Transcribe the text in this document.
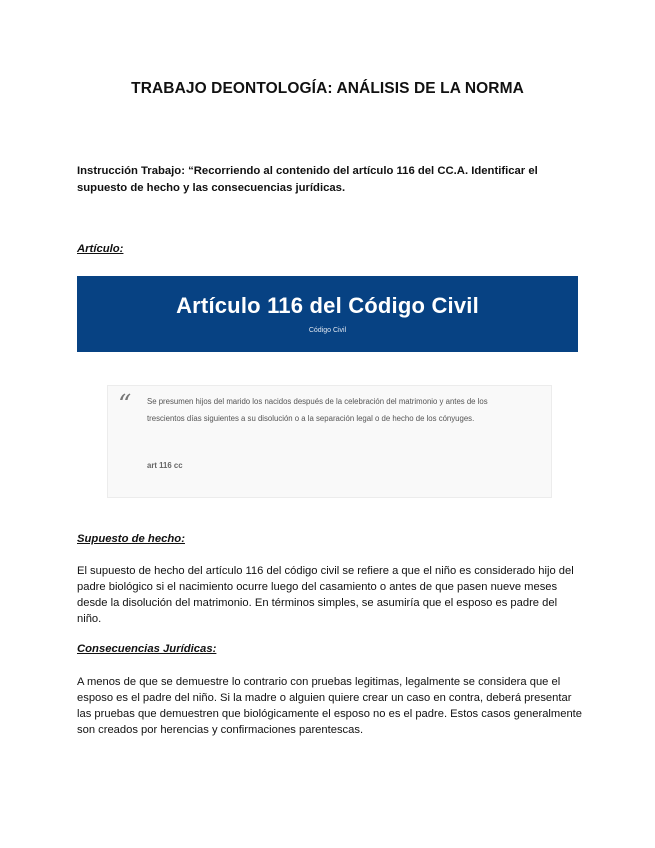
TRABAJO DEONTOLOGÍA: ANÁLISIS DE LA NORMA
Instrucción Trabajo: “Recorriendo al contenido del artículo 116 del CC.A. Identificar el supuesto de hecho y las consecuencias jurídicas.
Artículo:
Artículo 116 del Código Civil
Código Civil
“ Se presumen hijos del marido los nacidos después de la celebración del matrimonio y antes de los trescientos días siguientes a su disolución o a la separación legal o de hecho de los cónyuges.
art 116 cc
Supuesto de hecho:
El supuesto de hecho del artículo 116 del código civil se refiere a que el niño es considerado hijo del padre biológico si el nacimiento ocurre luego del casamiento o antes de que pasen nueve meses desde la disolución del matrimonio. En términos simples, se asumiría que el esposo es padre del niño.
Consecuencias Jurídicas:
A menos de que se demuestre lo contrario con pruebas legitimas, legalmente se considera que el esposo es el padre del niño. Si la madre o alguien quiere crear un caso en contra, deberá presentar las pruebas que demuestren que biológicamente el esposo no es el padre. Estos casos generalmente son creados por herencias y confirmaciones parentescas.
